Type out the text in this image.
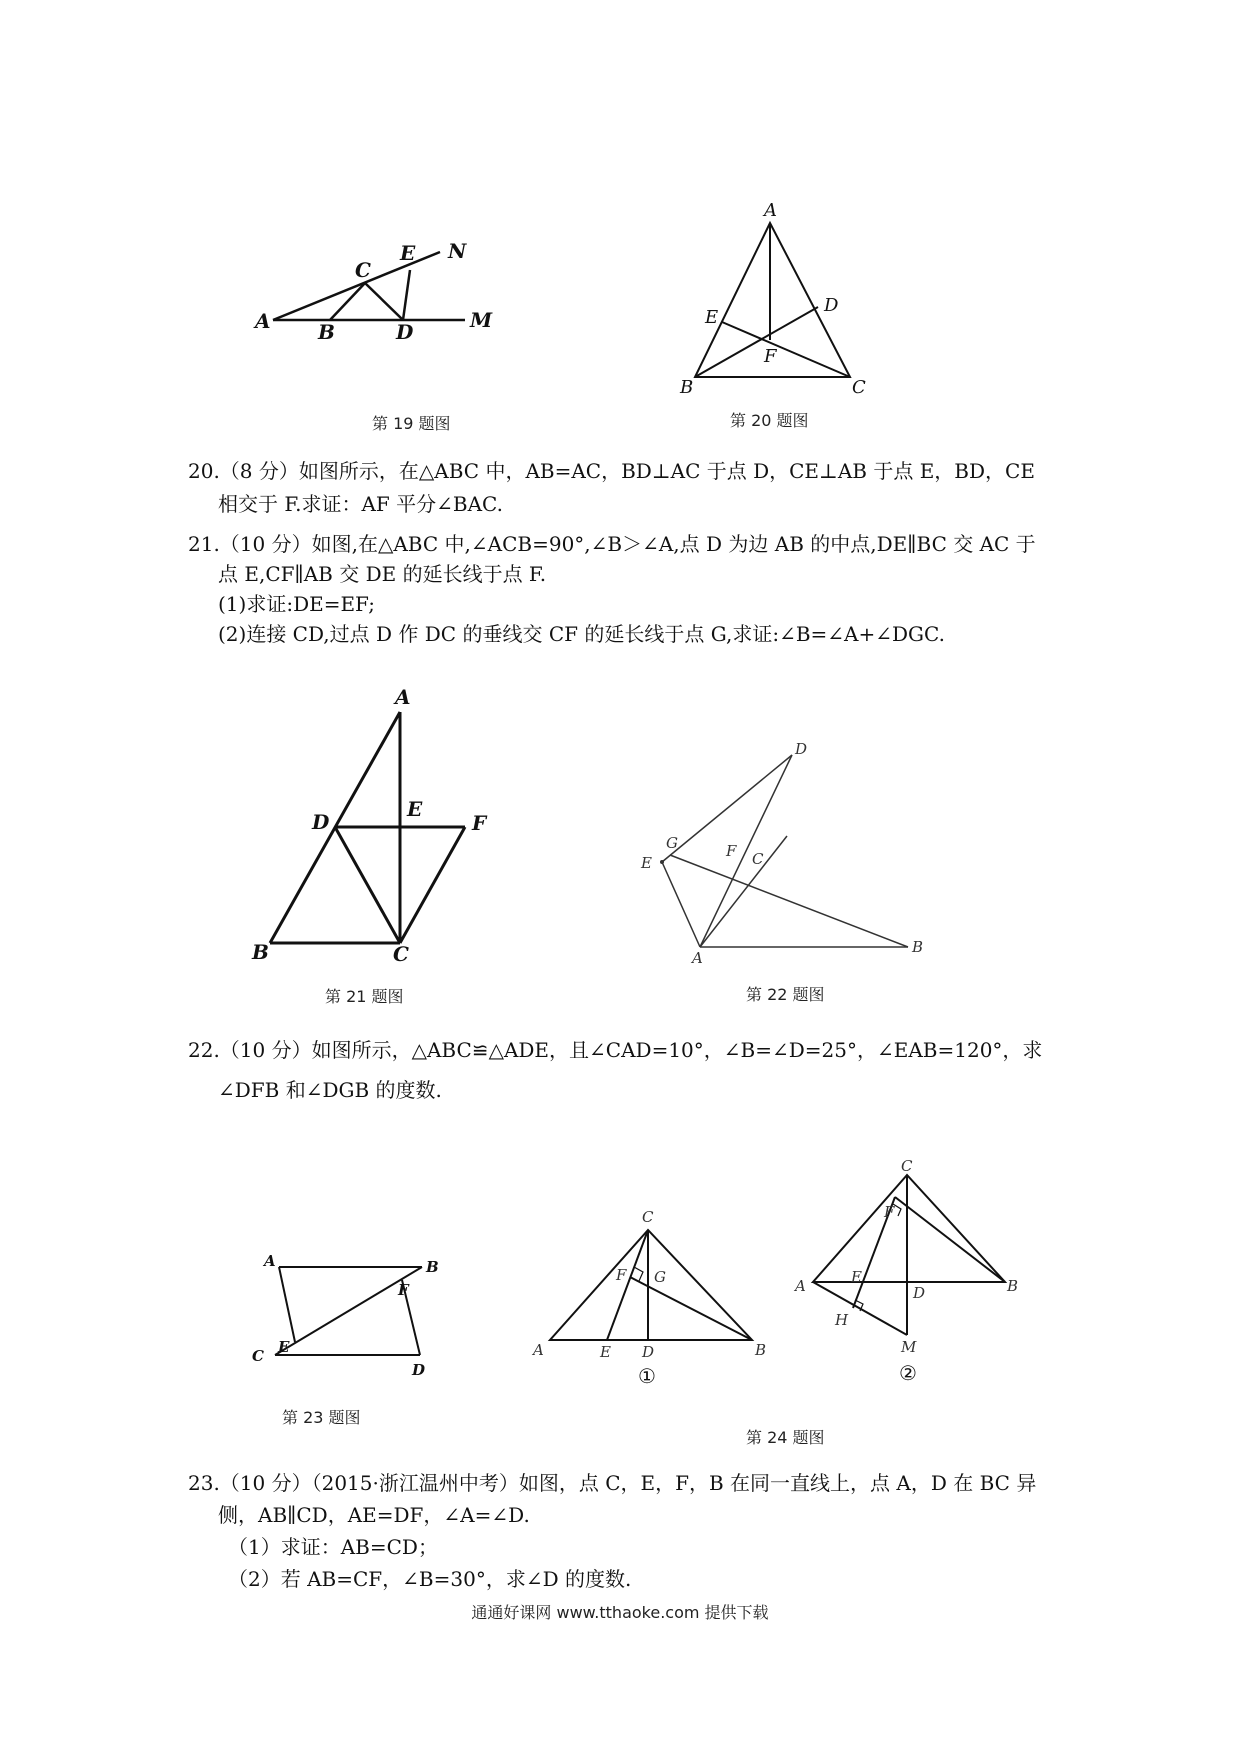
A B
C
D
E N
M
第 19 题图
A
B	C
D
E
F
第 20 题图

20.（8 分）如图所示，在△ABC 中，AB=AC，BD⊥AC 于点 D，CE⊥AB 于点 E，BD，CE

相交于 F.求证：AF 平分∠BAC.

21.（10 分）如图,在△ABC 中,∠ACB=90°,∠B＞∠A,点 D 为边 AB 的中点,DE∥BC 交 AC 于

点 E,CF∥AB 交 DE 的延长线于点 F.

(1)求证:DE=EF;

(2)连接 CD,过点 D 作 DC 的垂线交 CF 的延长线于点 G,求证:∠B=∠A+∠DGC.

A
B	C
D
E
F
第 21 题图
D
G	F C
E
A
B
第 22 题图

22.（10 分）如图所示，△ABC≌△ADE，且∠CAD=10°，∠B=∠D=25°，∠EAB=120°，求

∠DFB 和∠DGB 的度数.

A	B
C
D
E
F
第 23 题图
C
A	B
D
E
F G
①
C
A	B
D
E
F
H
M
②
第 24 题图

23.（10 分）（2015·浙江温州中考）如图，点 C，E，F，B 在同一直线上，点 A，D 在 BC 异

侧，AB∥CD，AE=DF，∠A=∠D.

（1）求证：AB=CD；

（2）若 AB=CF，∠B=30°，求∠D 的度数.

通通好课网 www.tthaoke.com 提供下载
